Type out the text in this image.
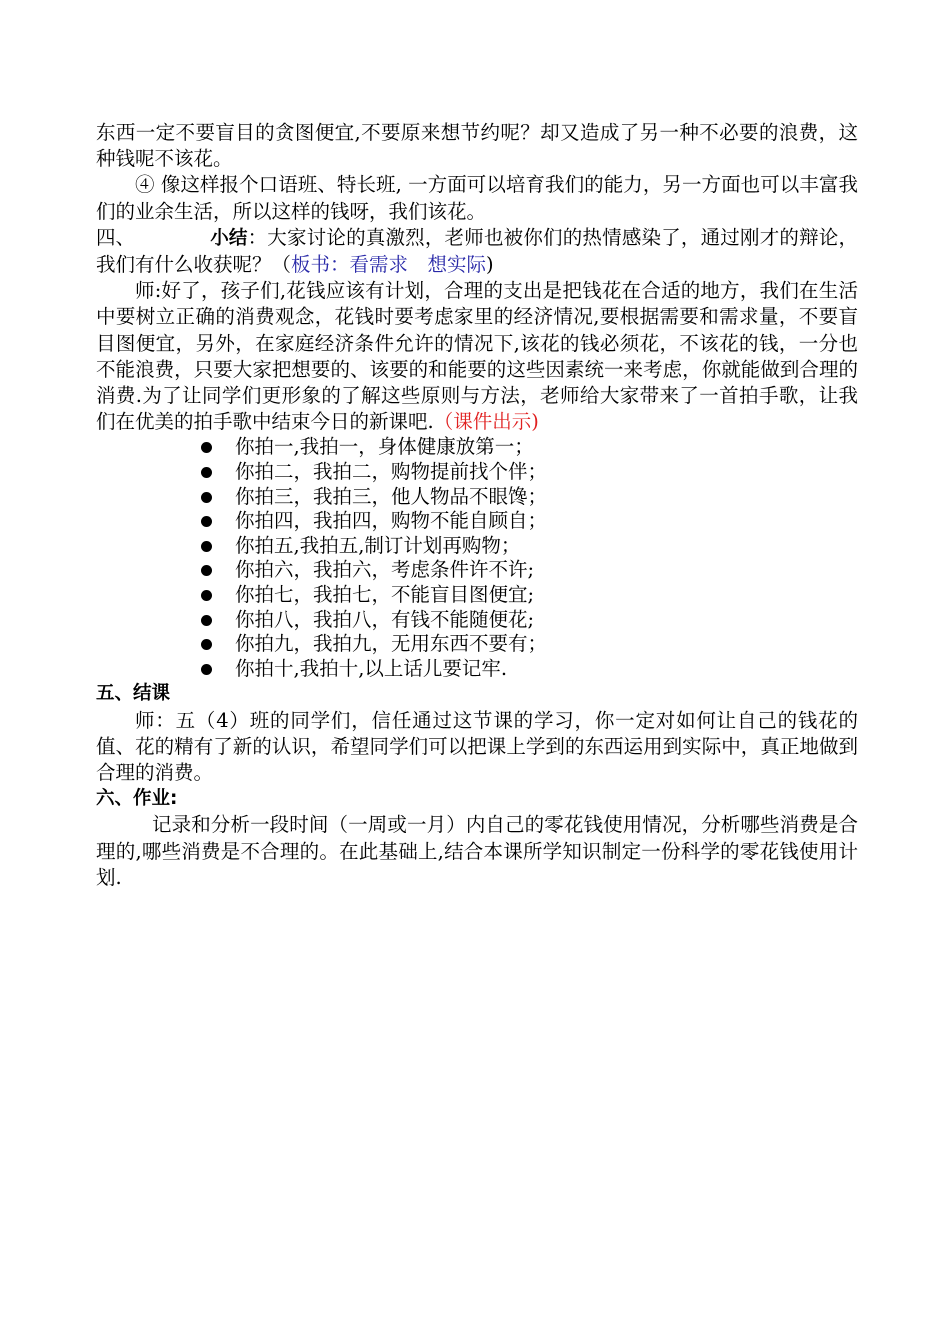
东西一定不要盲目的贪图便宜,不要原来想节约呢？却又造成了另一种不必要的浪费，这种钱呢不该花。

④ 像这样报个口语班、特长班, 一方面可以培育我们的能力，另一方面也可以丰富我们的业余生活，所以这样的钱呀，我们该花。

四、	小结：大家讨论的真激烈，老师也被你们的热情感染了，通过刚才的辩论，我们有什么收获呢？（板书：看需求　想实际)

师:好了，孩子们,花钱应该有计划，合理的支出是把钱花在合适的地方，我们在生活中要树立正确的消费观念，花钱时要考虑家里的经济情况,要根据需要和需求量，不要盲目图便宜，另外，在家庭经济条件允许的情况下,该花的钱必须花，不该花的钱，一分也不能浪费，只要大家把想要的、该要的和能要的这些因素统一来考虑，你就能做到合理的消费.为了让同学们更形象的了解这些原则与方法，老师给大家带来了一首拍手歌，让我们在优美的拍手歌中结束今日的新课吧.（课件出示)

你拍一,我拍一，身体健康放第一；
你拍二，我拍二，购物提前找个伴；
你拍三，我拍三，他人物品不眼馋；
你拍四，我拍四，购物不能自顾自；
你拍五,我拍五,制订计划再购物；
你拍六，我拍六，考虑条件许不许;
你拍七，我拍七，不能盲目图便宜;
你拍八，我拍八，有钱不能随便花;
你拍九，我拍九，无用东西不要有；
你拍十,我拍十,以上话儿要记牢.

五、结课

师：五（4）班的同学们，信任通过这节课的学习，你一定对如何让自己的钱花的值、花的精有了新的认识，希望同学们可以把课上学到的东西运用到实际中，真正地做到合理的消费。

六、作业:

记录和分析一段时间（一周或一月）内自己的零花钱使用情况，分析哪些消费是合理的,哪些消费是不合理的。在此基础上,结合本课所学知识制定一份科学的零花钱使用计划.
